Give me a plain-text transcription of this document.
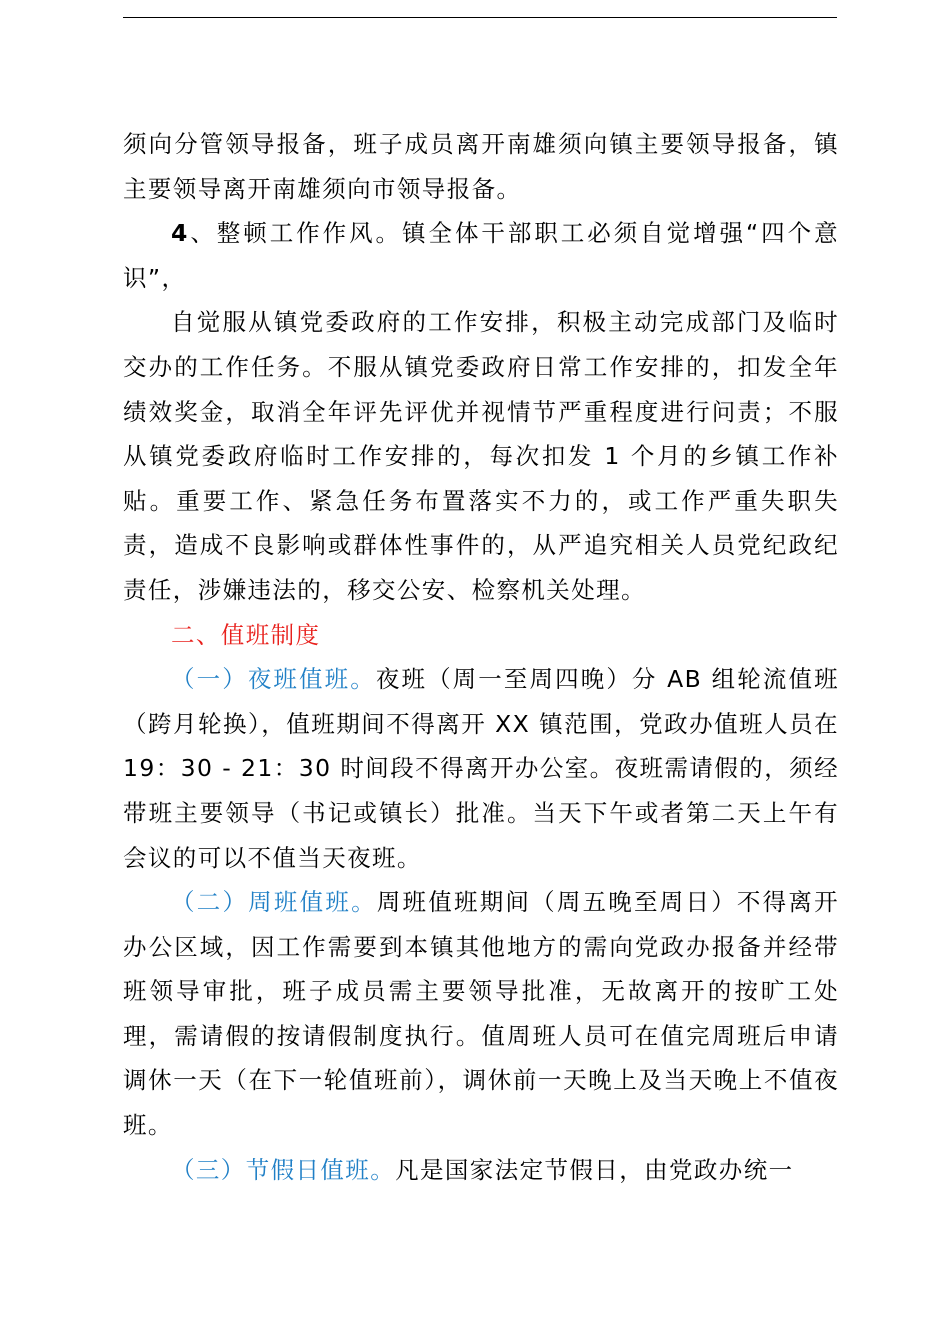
须向分管领导报备，班子成员离开南雄须向镇主要领导报备，镇主要领导离开南雄须向市领导报备。

4、整顿工作作风。镇全体干部职工必须自觉增强“四个意识”，

自觉服从镇党委政府的工作安排，积极主动完成部门及临时交办的工作任务。不服从镇党委政府日常工作安排的，扣发全年绩效奖金，取消全年评先评优并视情节严重程度进行问责；不服从镇党委政府临时工作安排的，每次扣发 1 个月的乡镇工作补贴。重要工作、紧急任务布置落实不力的，或工作严重失职失责，造成不良影响或群体性事件的，从严追究相关人员党纪政纪责任，涉嫌违法的，移交公安、检察机关处理。

二、值班制度

（一）夜班值班。夜班（周一至周四晚）分 AB 组轮流值班（跨月轮换），值班期间不得离开 XX 镇范围，党政办值班人员在 19：30 - 21：30 时间段不得离开办公室。夜班需请假的，须经带班主要领导（书记或镇长）批准。当天下午或者第二天上午有会议的可以不值当天夜班。

（二）周班值班。周班值班期间（周五晚至周日）不得离开办公区域，因工作需要到本镇其他地方的需向党政办报备并经带班领导审批，班子成员需主要领导批准，无故离开的按旷工处理，需请假的按请假制度执行。值周班人员可在值完周班后申请调休一天（在下一轮值班前），调休前一天晚上及当天晚上不值夜班。

（三）节假日值班。凡是国家法定节假日，由党政办统一
